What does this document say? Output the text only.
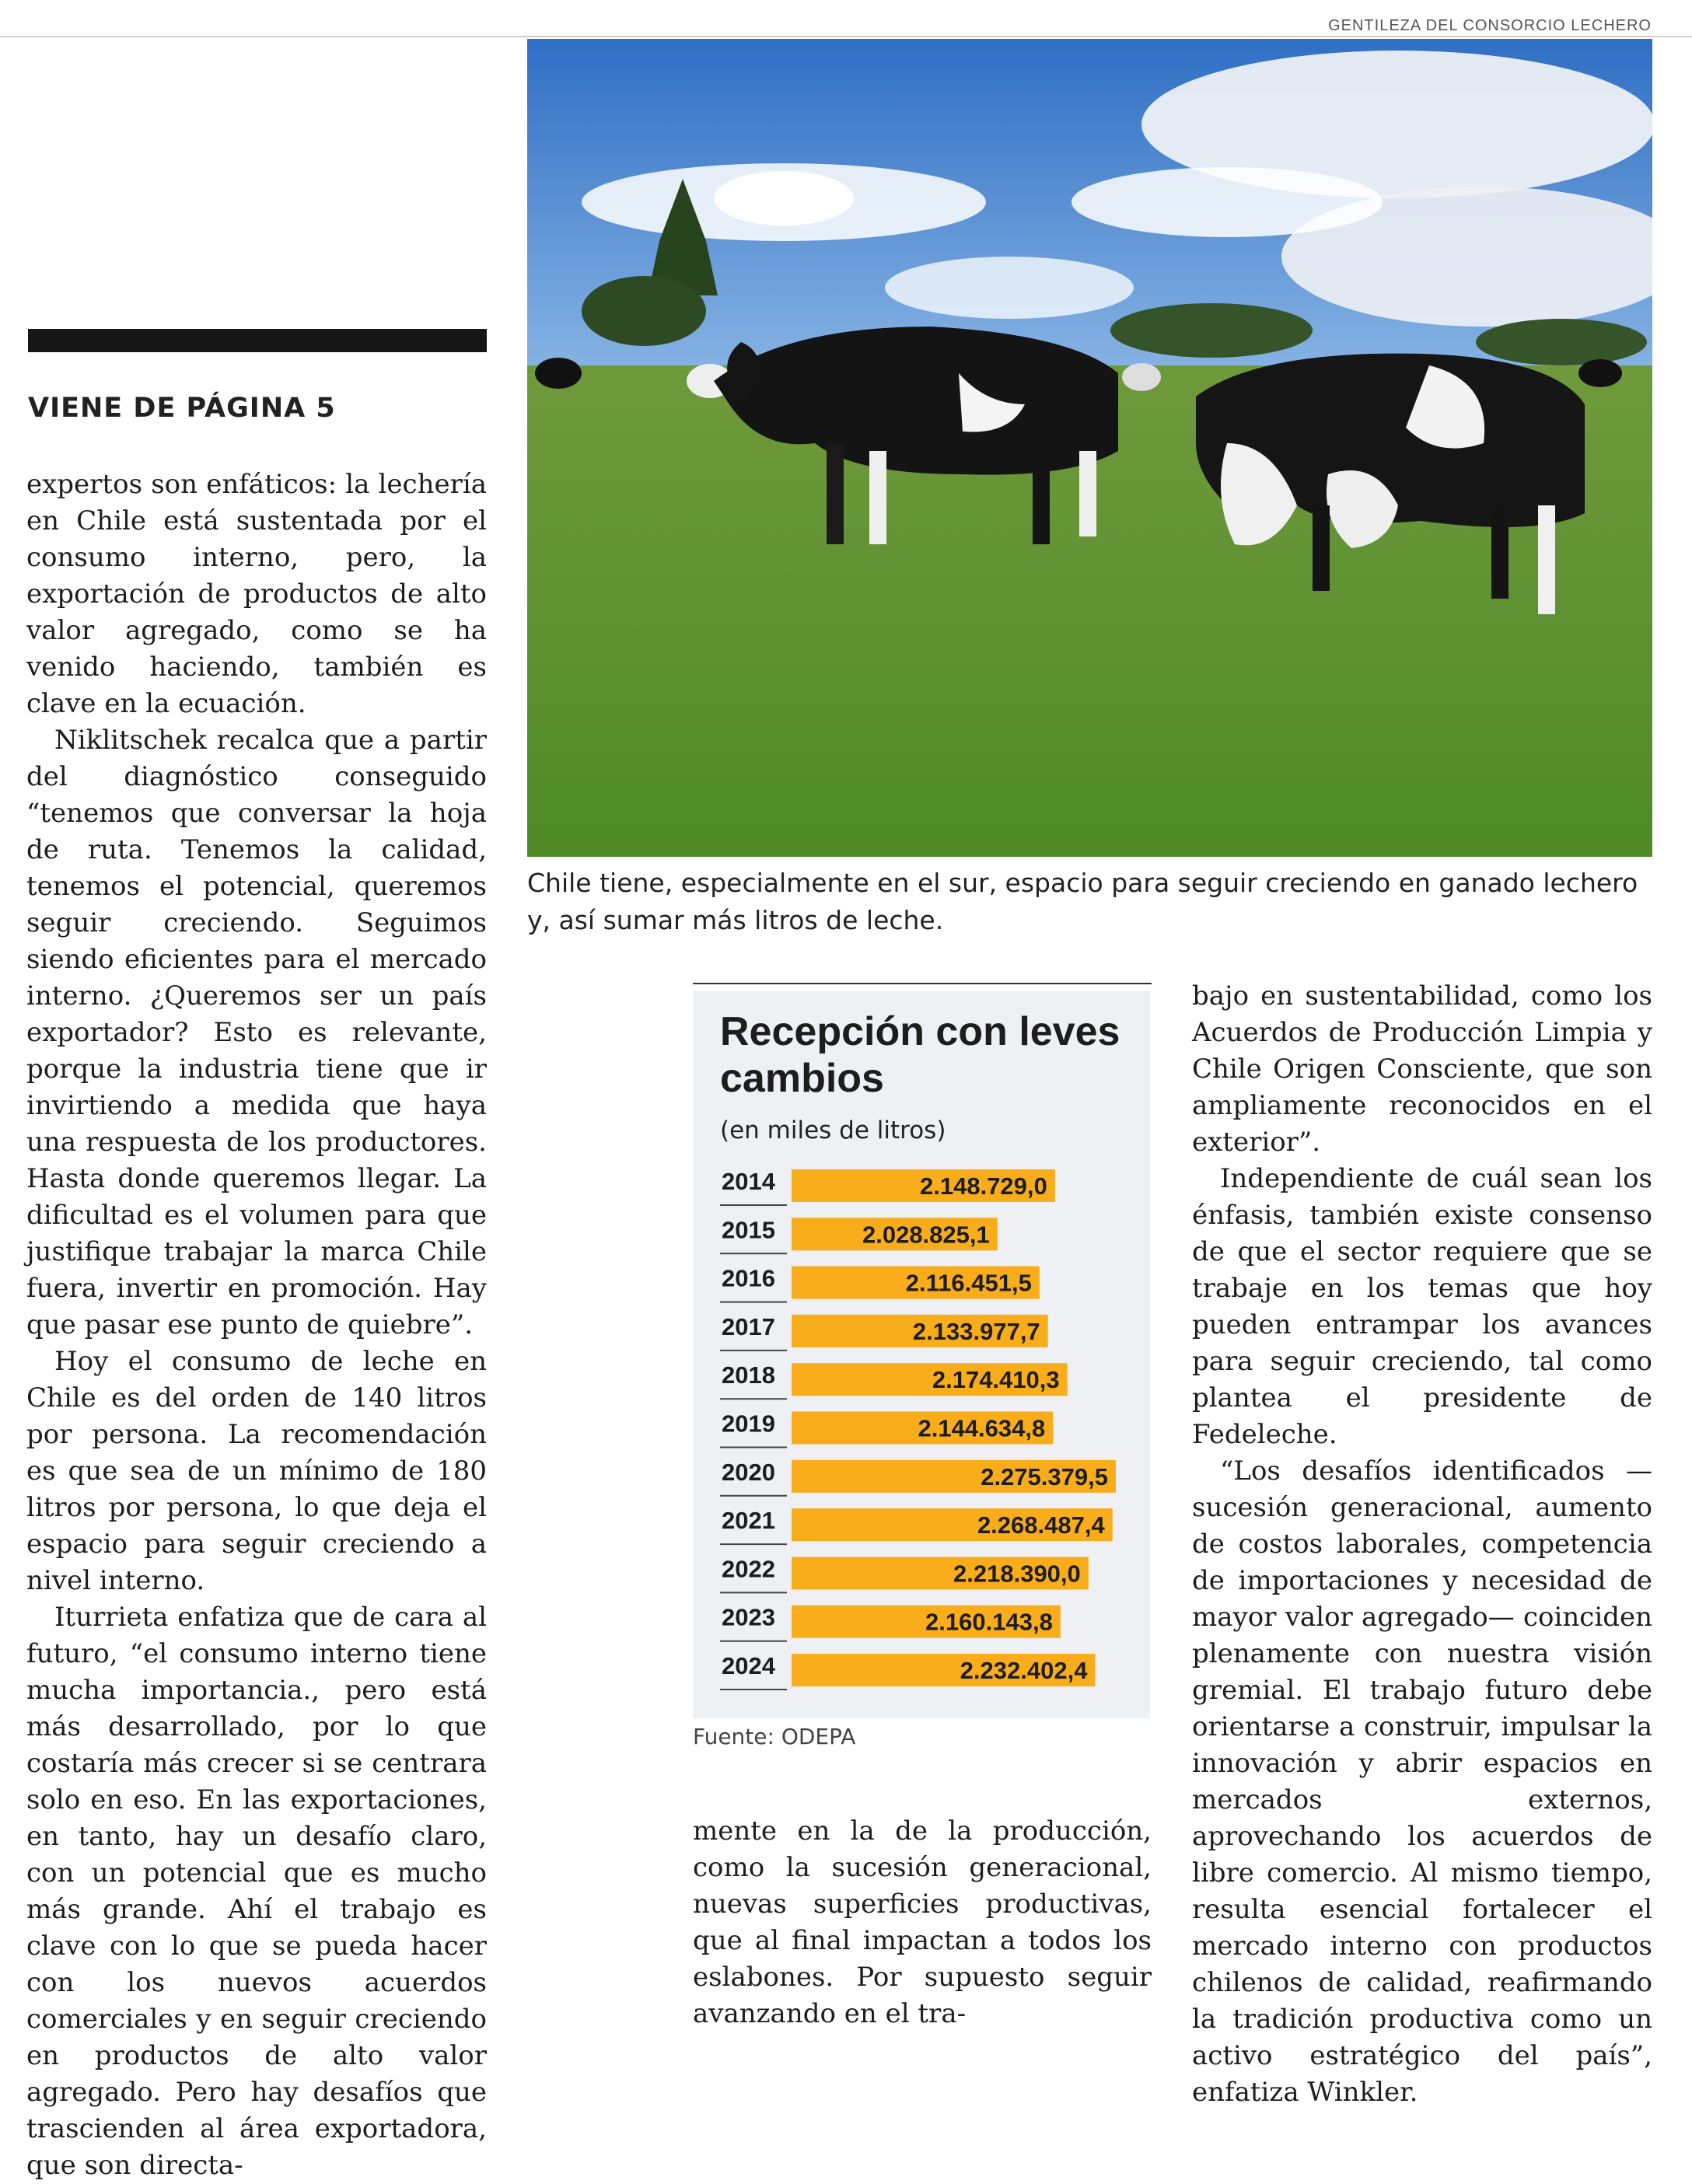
GENTILEZA DEL CONSORCIO LECHERO
Chile tiene, especialmente en el sur, espacio para seguir creciendo en ganado lechero y, así sumar más litros de leche.
VIENE DE PÁGINA 5

expertos son enfáticos: la lechería en Chile está sustentada por el consumo interno, pero, la exportación de productos de alto valor agregado, como se ha venido haciendo, también es clave en la ecuación.

Niklitschek recalca que a partir del diagnóstico conseguido “tenemos que conversar la hoja de ruta. Tenemos la calidad, tenemos el potencial, queremos seguir creciendo. Seguimos siendo eficientes para el mercado interno. ¿Queremos ser un país exportador? Esto es relevante, porque la industria tiene que ir invirtiendo a medida que haya una respuesta de los productores. Hasta donde queremos llegar. La dificultad es el volumen para que justifique trabajar la marca Chile fuera, invertir en promoción. Hay que pasar ese punto de quiebre”.

Hoy el consumo de leche en Chile es del orden de 140 litros por persona. La recomendación es que sea de un mínimo de 180 litros por persona, lo que deja el espacio para seguir creciendo a nivel interno.

Iturrieta enfatiza que de cara al futuro, “el consumo interno tiene mucha importancia., pero está más desarrollado, por lo que costaría más crecer si se centrara solo en eso. En las exportaciones, en tanto, hay un desafío claro, con un potencial que es mucho más grande. Ahí el trabajo es clave con lo que se pueda hacer con los nuevos acuerdos comerciales y en seguir creciendo en productos de alto valor agregado. Pero hay desafíos que trascienden al área exportadora, que son directa-

Recepción con leves cambios
(en miles de litros)
2014	2.148.729,0
2015	2.028.825,1
2016	2.116.451,5
2017	2.133.977,7
2018	2.174.410,3
2019	2.144.634,8
2020	2.275.379,5
2021	2.268.487,4
2022	2.218.390,0
2023	2.160.143,8
2024	2.232.402,4
Fuente: ODEPA

mente en la de la producción, como la sucesión generacional, nuevas superficies productivas, que al final impactan a todos los eslabones. Por supuesto seguir avanzando en el tra-

bajo en sustentabilidad, como los Acuerdos de Producción Limpia y Chile Origen Consciente, que son ampliamente reconocidos en el exterior”.

Independiente de cuál sean los énfasis, también existe consenso de que el sector requiere que se trabaje en los temas que hoy pueden entrampar los avances para seguir creciendo, tal como plantea el presidente de Fedeleche.

“Los desafíos identificados —sucesión generacional, aumento de costos laborales, competencia de importaciones y necesidad de mayor valor agregado— coinciden plenamente con nuestra visión gremial. El trabajo futuro debe orientarse a construir, impulsar la innovación y abrir espacios en mercados externos, aprovechando los acuerdos de libre comercio. Al mismo tiempo, resulta esencial fortalecer el mercado interno con productos chilenos de calidad, reafirmando la tradición productiva como un activo estratégico del país”, enfatiza Winkler.
